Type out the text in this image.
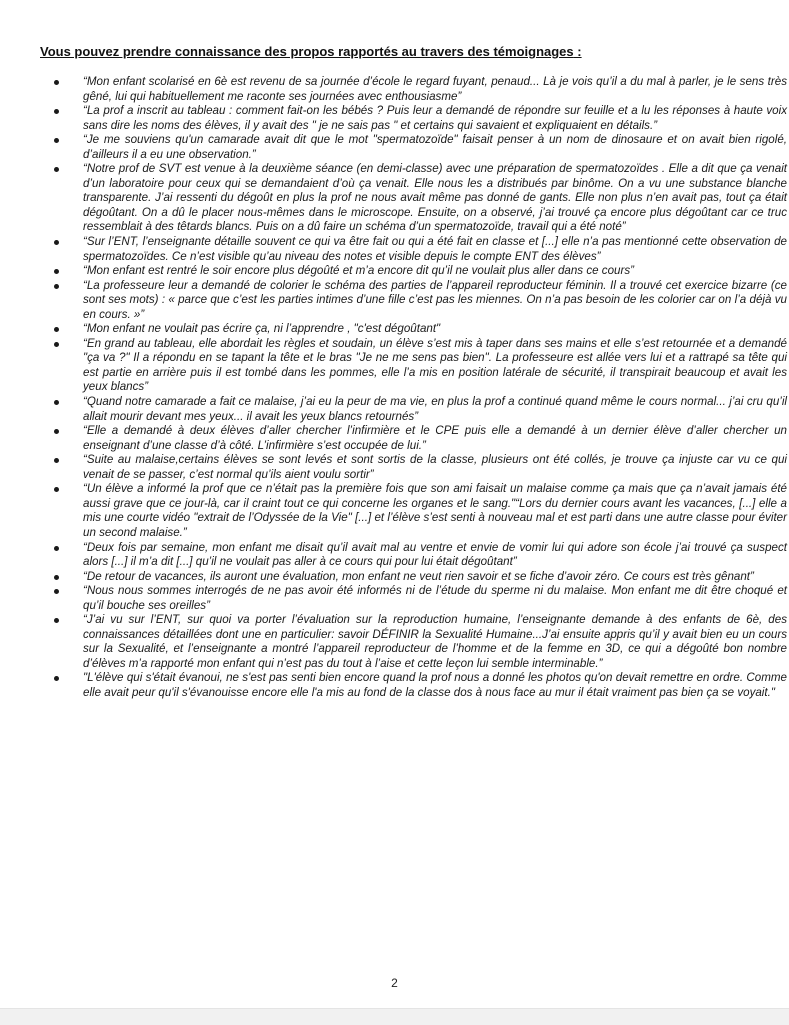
Vous pouvez prendre connaissance des propos rapportés au travers des témoignages :
“Mon enfant scolarisé en 6è est revenu de sa journée d’école le regard fuyant, penaud... Là je vois qu’il a du mal à parler, je le sens très gêné, lui qui habituellement me raconte ses journées avec enthousiasme”
“La prof a inscrit au tableau : comment fait-on les bébés ? Puis leur a demandé de répondre sur feuille et a lu les réponses à haute voix sans dire les noms des élèves, il y avait des " je ne sais pas " et certains qui savaient et expliquaient en détails.”
“Je me souviens qu'un camarade avait dit que le mot "spermatozoïde" faisait penser à un nom de dinosaure et on avait bien rigolé, d’ailleurs il a eu une observation.”
“Notre prof de SVT est venue à la deuxième séance (en demi-classe) avec une préparation de spermatozoïdes . Elle a dit que ça venait d’un laboratoire pour ceux qui se demandaient d’où ça venait. Elle nous les a distribués par binôme. On a vu une substance blanche transparente. J’ai ressenti du dégoût en plus la prof ne nous avait même pas donné de gants. Elle non plus n’en avait pas, tout ça était dégoûtant. On a dû le placer nous-mêmes dans le microscope. Ensuite, on a observé, j’ai trouvé ça encore plus dégoûtant car ce truc ressemblait à des têtards blancs. Puis on a dû faire un schéma d’un spermatozoïde, travail qui a été noté”
“Sur l’ENT, l’enseignante détaille souvent ce qui va être fait ou qui a été fait en classe et [...] elle n’a pas mentionné cette observation de spermatozoïdes. Ce n’est visible qu’au niveau des notes et visible depuis le compte ENT des élèves”
“Mon enfant est rentré le soir encore plus dégoûté et m’a encore dit qu’il ne voulait plus aller dans ce cours”
“La professeure leur a demandé de colorier le schéma des parties de l’appareil reproducteur féminin. Il a trouvé cet exercice bizarre (ce sont ses mots) : « parce que c’est les parties intimes d’une fille c’est pas les miennes. On n’a pas besoin de les colorier car on l’a déjà vu en cours. »”
“Mon enfant ne voulait pas écrire ça, ni l’apprendre , "c'est dégoûtant"
“En grand au tableau, elle abordait les règles et soudain, un élève s’est mis à taper dans ses mains et elle s’est retournée et a demandé "ça va ?" Il a répondu en se tapant la tête et le bras "Je ne me sens pas bien". La professeure est allée vers lui et a rattrapé sa tête qui est partie en arrière puis il est tombé dans les pommes, elle l’a mis en position latérale de sécurité, il transpirait beaucoup et avait les yeux blancs”
“Quand notre camarade a fait ce malaise, j’ai eu la peur de ma vie, en plus la prof a continué quand même le cours normal... j’ai cru qu’il allait mourir devant mes yeux... il avait les yeux blancs retournés”
“Elle a demandé à deux élèves d’aller chercher l’infirmière et le CPE puis elle a demandé à un dernier élève d’aller chercher un enseignant d’une classe d’à côté. L’infirmière s’est occupée de lui.”
“Suite au malaise,certains élèves se sont levés et sont sortis de la classe, plusieurs ont été collés, je trouve ça injuste car vu ce qui venait de se passer, c’est normal qu’ils aient voulu sortir”
“Un élève a informé la prof que ce n’était pas la première fois que son ami faisait un malaise comme ça mais que ça n’avait jamais été aussi grave que ce jour-là, car il craint tout ce qui concerne les organes et le sang."“Lors du dernier cours avant les vacances, [...] elle a mis une courte vidéo "extrait de l’Odyssée de la Vie" [...] et l’élève s’est senti à nouveau mal et est parti dans une autre classe pour éviter un second malaise.”
“Deux fois par semaine, mon enfant me disait qu’il avait mal au ventre et envie de vomir lui qui adore son école j’ai trouvé ça suspect alors [...] il m’a dit [...] qu’il ne voulait pas aller à ce cours qui pour lui était dégoûtant”
“De retour de vacances, ils auront une évaluation, mon enfant ne veut rien savoir et se fiche d’avoir zéro. Ce cours est très gênant”
“Nous nous sommes interrogés de ne pas avoir été informés ni de l’étude du sperme ni du malaise. Mon enfant me dit être choqué et qu’il bouche ses oreilles”
“J’ai vu sur l’ENT, sur quoi va porter l’évaluation sur la reproduction humaine, l’enseignante demande à des enfants de 6è, des connaissances détaillées dont une en particulier: savoir DÉFINIR la Sexualité Humaine...J’ai ensuite appris qu’il y avait bien eu un cours sur la Sexualité, et l’enseignante a montré l’appareil reproducteur de l’homme et de la femme en 3D, ce qui a dégoûté bon nombre d’élèves m’a rapporté mon enfant qui n’est pas du tout à l’aise et cette leçon lui semble interminable.”
"L'élève qui s'était évanoui, ne s'est pas senti bien encore quand la prof nous a donné les photos qu'on devait remettre en ordre. Comme elle avait peur qu'il s'évanouisse encore elle l'a mis au fond de la classe dos à nous face au mur il était vraiment pas bien ça se voyait."
2
